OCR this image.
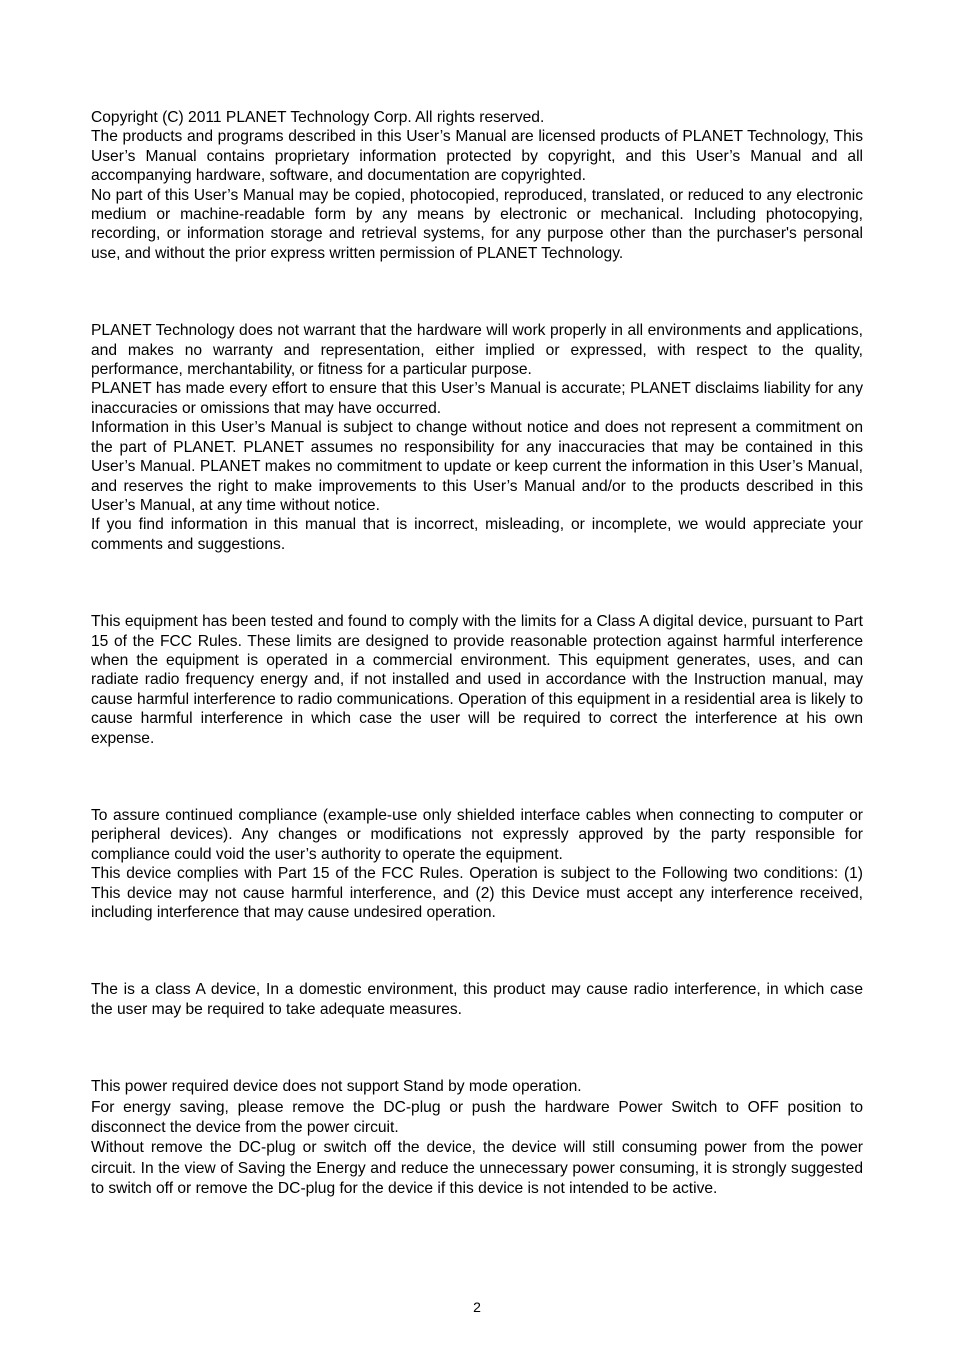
Copyright (C) 2011 PLANET Technology Corp. All rights reserved.

The products and programs described in this User’s Manual are licensed products of PLANET Technology, This User’s Manual contains proprietary information protected by copyright, and this User’s Manual and all accompanying hardware, software, and documentation are copyrighted.

No part of this User’s Manual may be copied, photocopied, reproduced, translated, or reduced to any electronic medium or machine-readable form by any means by electronic or mechanical. Including photocopying, recording, or information storage and retrieval systems, for any purpose other than the purchaser's personal use, and without the prior express written permission of PLANET Technology.

PLANET Technology does not warrant that the hardware will work properly in all environments and applications, and makes no warranty and representation, either implied or expressed, with respect to the quality, performance, merchantability, or fitness for a particular purpose.

PLANET has made every effort to ensure that this User’s Manual is accurate; PLANET disclaims liability for any inaccuracies or omissions that may have occurred.

Information in this User’s Manual is subject to change without notice and does not represent a commitment on the part of PLANET. PLANET assumes no responsibility for any inaccuracies that may be contained in this User’s Manual. PLANET makes no commitment to update or keep current the information in this User’s Manual, and reserves the right to make improvements to this User’s Manual and/or to the products described in this User’s Manual, at any time without notice.

If you find information in this manual that is incorrect, misleading, or incomplete, we would appreciate your comments and suggestions.

This equipment has been tested and found to comply with the limits for a Class A digital device, pursuant to Part 15 of the FCC Rules. These limits are designed to provide reasonable protection against harmful interference when the equipment is operated in a commercial environment. This equipment generates, uses, and can radiate radio frequency energy and, if not installed and used in accordance with the Instruction manual, may cause harmful interference to radio communications. Operation of this equipment in a residential area is likely to cause harmful interference in which case the user will be required to correct the interference at his own expense.

To assure continued compliance (example-use only shielded interface cables when connecting to computer or peripheral devices). Any changes or modifications not expressly approved by the party responsible for compliance could void the user’s authority to operate the equipment.

This device complies with Part 15 of the FCC Rules. Operation is subject to the Following two conditions: (1) This device may not cause harmful interference, and (2) this Device must accept any interference received, including interference that may cause undesired operation.

The is a class A device, In a domestic environment, this product may cause radio interference, in which case the user may be required to take adequate measures.

This power required device does not support Stand by mode operation.

For energy saving, please remove the DC-plug or push the hardware Power Switch to OFF position to disconnect the device from the power circuit.

Without remove the DC-plug or switch off the device, the device will still consuming power from the power circuit. In the view of Saving the Energy and reduce the unnecessary power consuming, it is strongly suggested to switch off or remove the DC-plug for the device if this device is not intended to be active.

2
